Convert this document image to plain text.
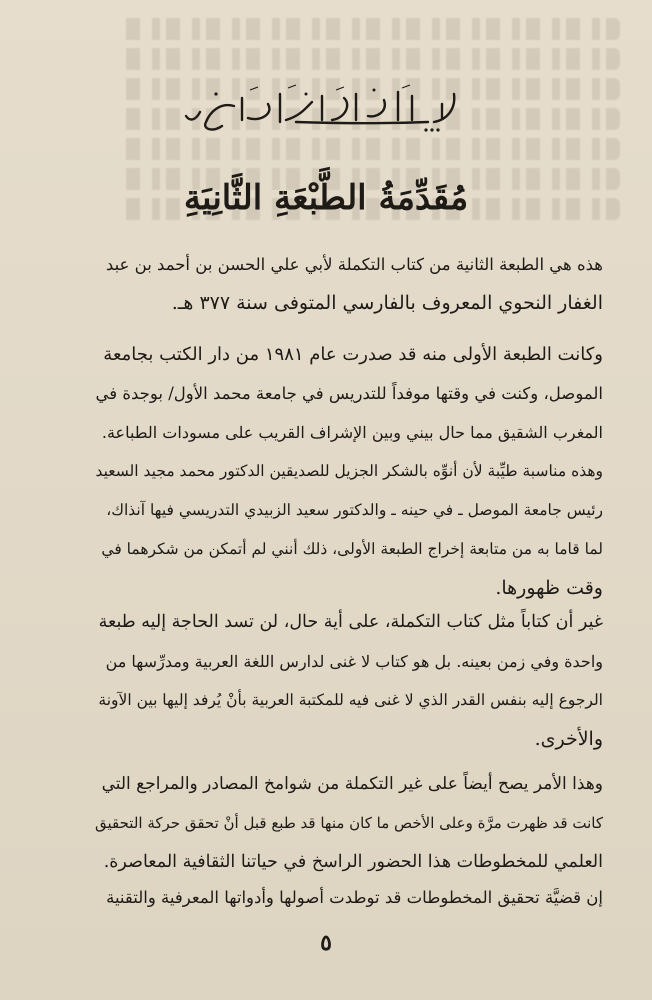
مُقَدِّمَةُ الطَّبْعَةِ الثَّانِيَةِ
هذه هي الطبعة الثانية من كتاب التكملة لأبي علي الحسن بن أحمد بن عبد
الغفار النحوي المعروف بالفارسي المتوفى سنة ٣٧٧ هـ.
وكانت الطبعة الأولى منه قد صدرت عام ١٩٨١ من دار الكتب بجامعة
الموصل، وكنت في وقتها موفداً للتدريس في جامعة محمد الأول/ بوجدة في
المغرب الشقيق مما حال بيني وبين الإشراف القريب على مسودات الطباعة.
وهذه مناسبة طيِّبة لأن أنوِّه بالشكر الجزيل للصديقين الدكتور محمد مجيد السعيد
رئيس جامعة الموصل ـ في حينه ـ والدكتور سعيد الزبيدي التدريسي فيها آنذاك،
لما قاما به من متابعة إخراج الطبعة الأولى، ذلك أنني لم أتمكن من شكرهما في
وقت ظهورها.
غير أن كتاباً مثل كتاب التكملة، على أية حال، لن تسد الحاجة إليه طبعة
واحدة وفي زمن بعينه. بل هو كتاب لا غنى لدارس اللغة العربية ومدرِّسها من
الرجوع إليه بنفس القدر الذي لا غنى فيه للمكتبة العربية بأنْ يُرفد إليها بين الآونة
والأخرى.
وهذا الأمر يصح أيضاً على غير التكملة من شوامخ المصادر والمراجع التي
كانت قد ظهرت مرَّة وعلى الأخص ما كان منها قد طبع قبل أنْ تحقق حركة التحقيق
العلمي للمخطوطات هذا الحضور الراسخ في حياتنا الثقافية المعاصرة.
إن قضيَّة تحقيق المخطوطات قد توطدت أصولها وأدواتها المعرفية والتقنية
٥
